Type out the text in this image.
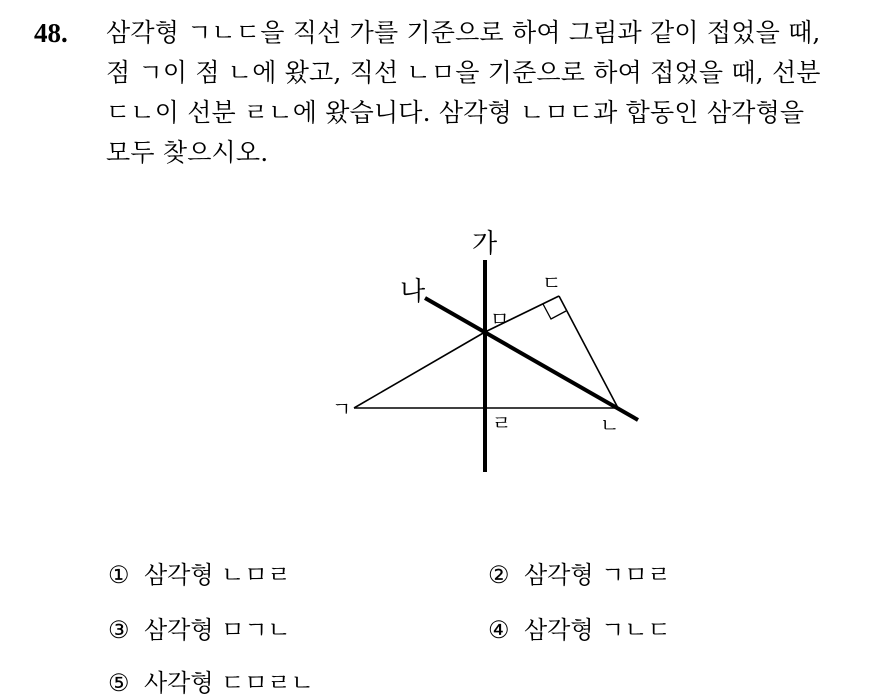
48. 삼각형 ㄱㄴㄷ을 직선 가를 기준으로 하여 그림과 같이 접었을 때,
점 ㄱ이 점 ㄴ에 왔고, 직선 ㄴㅁ을 기준으로 하여 접었을 때, 선분
ㄷㄴ이 선분 ㄹㄴ에 왔습니다. 삼각형 ㄴㅁㄷ과 합동인 삼각형을
모두 찾으시오.
가
나	ㄷ
ㅁ
ㄱ
ㄹ	ㄴ
① 삼각형 ㄴㅁㄹ	② 삼각형 ㄱㅁㄹ
③ 삼각형 ㅁㄱㄴ	④ 삼각형 ㄱㄴㄷ
⑤ 사각형 ㄷㅁㄹㄴ
